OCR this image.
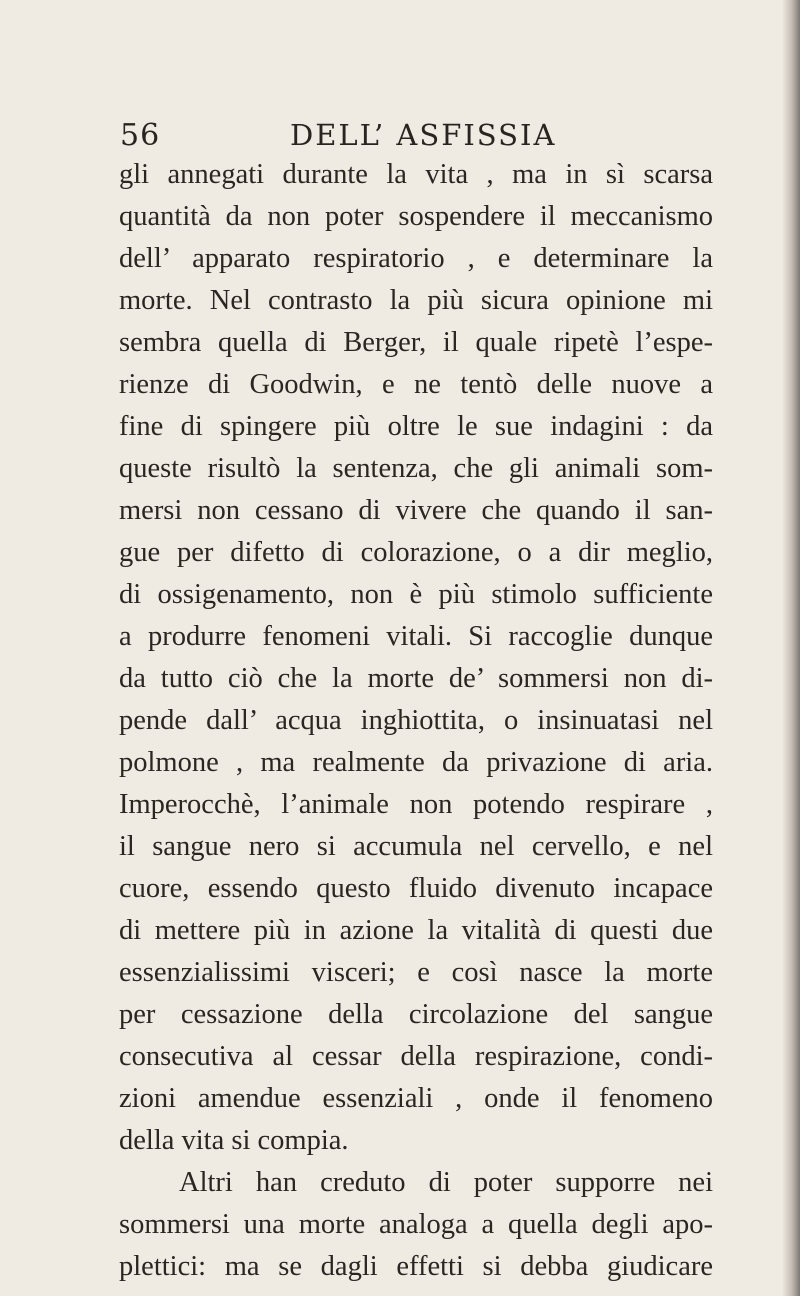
56	DELL’ ASFISSIA
gli annegati durante la vita , ma in sì scarsa
quantità da non poter sospendere il meccanismo
dell’ apparato respiratorio , e determinare la
morte. Nel contrasto la più sicura opinione mi
sembra quella di Berger, il quale ripetè l’espe-
rienze di Goodwin, e ne tentò delle nuove a
fine di spingere più oltre le sue indagini : da
queste risultò la sentenza, che gli animali som-
mersi non cessano di vivere che quando il san-
gue per difetto di colorazione, o a dir meglio,
di ossigenamento, non è più stimolo sufficiente
a produrre fenomeni vitali. Si raccoglie dunque
da tutto ciò che la morte de’ sommersi non di-
pende dall’ acqua inghiottita, o insinuatasi nel
polmone , ma realmente da privazione di aria.
Imperocchè, l’animale non potendo respirare ,
il sangue nero si accumula nel cervello, e nel
cuore, essendo questo fluido divenuto incapace
di mettere più in azione la vitalità di questi due
essenzialissimi visceri; e così nasce la morte
per cessazione della circolazione del sangue
consecutiva al cessar della respirazione, condi-
zioni amendue essenziali , onde il fenomeno
della vita si compia.
Altri han creduto di poter supporre nei
sommersi una morte analoga a quella degli apo-
plettici: ma se dagli effetti si debba giudicare
